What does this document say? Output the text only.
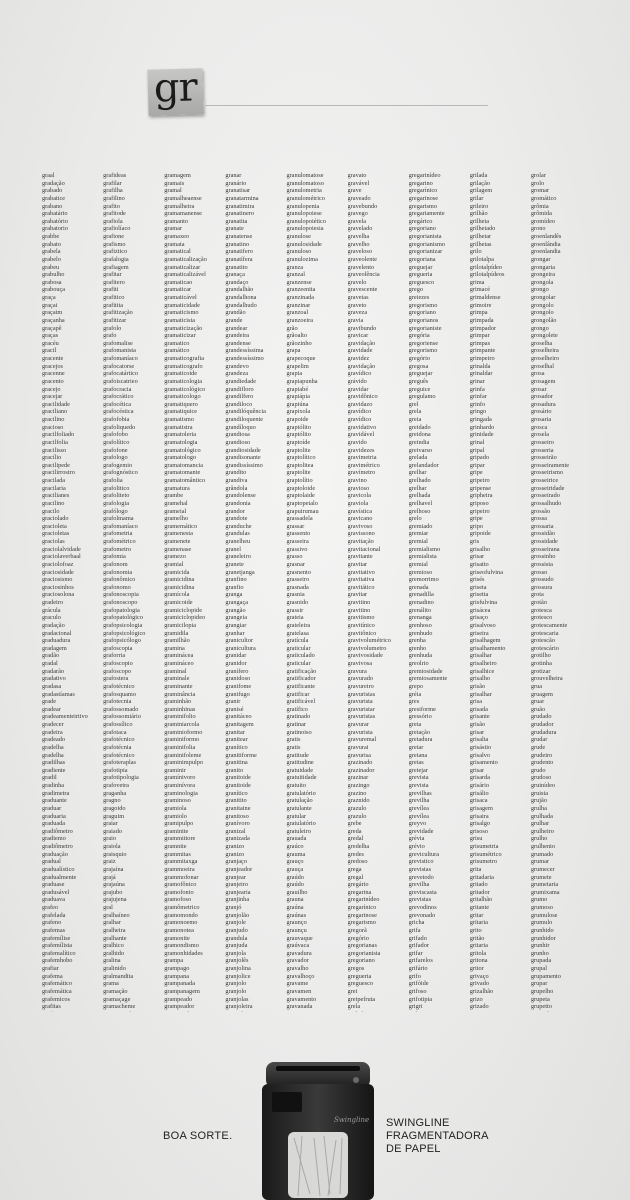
gr
graal
gradação
grabado
grabatice
grabano
grabatário
grabatório
grabatorio
grabbe
grabato
grabela
grabelo
grabeu
grabulho
grabosa
grabouça
graça
graçai
graçaim
graçanha
graçapê
graças
gracéu
gracil
gracente
gracejos
gracenne
gracento
gracejo
gracejar
gracilidade
graciliano
gracilino
gracioso
gracilfoliado
gracilfolia
gracilisso
gracílio
gracilipede
gracilirrostro
gracilada
gracilaria
gracilianes
gracilino
gracilo
graciolado
gracioleta
gracioletas
graciolas
graciolalvidade
graciolaverbaal
graciolofoaz
graciosidade
graciosismo
graciosinhos
graciosolona
gradeiro
grácula
graculo
gradação
gradacional
graduadura
gradagem
gradão
gradal
gradarão
gradativo
gradasa
gradastíamas
grade
gradear
gradeamenteirtivo
gradecer
gradeira
gradeado
gradelha
gradelha
gradilhas
gradiente
gradil
gradinha
gradimetra
graduante
graduar
graduaria
graduada
gradiômetro
gradiemo
gradiômetro
graduação
gradual
gradualístico
gradualmente
graduase
gradusável
graduava
grafeo
grafelada
grafeno
grafemas
grafemílise
grafemílista
grafemalítico
grafemhobo
grafiar
grafema
grafemático
grafemática
grafemicos
grafitas
grafideas
grafilar
grafilha
grafilino
grafito
grafitode
grafiola
grafiolíaco
grafione
grafismo
grafiztico
grafalogia
grafiagem
grafitar
grafitero
grafiti
grafitico
grafitita
grafitização
grafitizar
grafolo
grafo
grafomalise
grafomanista
grafomaníaco
grafocatorse
grafocatártico
grafoiscatrieo
grafocracia
grafocrático
grafocética
grafocéstica
grafofobia
grafoliquedo
grafofobo
grafolítico
grafofone
grafologo
grafogemio
grafognóstico
grafolia
grafolitico
grafoliteto
grafologia
grafólogo
grafolmama
grafomaníaco
grafometria
grafométrico
grafometro
grafomia
grafonom
grafonomia
grafonômico
grafonomo
grafonoscopia
grafonoscopo
grafopatologia
grafopatológico
grafopsicologia
grafopsicológico
grafopsicólogo
grafoscopia
graforria
grafoscopio
grafoscopo
grafostera
grafotécnico
grafosquamo
grafotecnia
grafossomado
grafossomiário
grafossílico
grafotaca
grafotécnico
grafotécnia
grafotécnico
grafoteraplas
grafotipia
grafotipologia
grafovetra
graganha
gragno
gragoido
graguim
graiar
graiado
graio
graiola
graisquio
graiz
grajaína
grajá
grajaúna
grajubo
grajujena
gral
gralhaíneo
gralhar
gralheira
gralhante
gralhico
gralhido
gralina
gralinido
gralmandita
grama
gramação
gramaçage
gramacheme
gramagem
gramais
gramal
gramalheaense
gramalheira
gramamanense
gramanto
gramar
gramaxeo
gramata
gramatical
gramaticalização
gramaticalizar
gramaticalizável
gramaticao
gramaticar
gramaticável
gramaticidade
gramaticismo
gramaticista
gramaticização
gramaticizar
gramatico
gramático
gramaticografia
gramaticografo
gramaticoide
gramaticologia
gramaticológico
gramaticologo
gramatiquero
gramatiquice
gramatismo
gramatistra
gramatoleria
gramatologia
gramatológico
gramatologo
gramatomancia
gramatomante
gramatomântico
gramatura
grambe
gramehal
grameial
gramelho
gramemático
gramenesta
gramenete
gramenase
gramezo
gramial
gramicida
gramicidina
gramicidina
gramícola
gramicoide
gramiciclopide
gramiciclopideo
gramicilopia
gramidila
gramilhão
gramina
graminácea
gramináceo
graminal
graminale
graminante
graminância
graminhão
graminhinas
graminifolio
graminiarcola
graminioformo
graminiformo
graminifolia
graminifoleme
graminimpulpo
graminir
gramínivoro
graminívora
graminologia
graminoso
gramiola
gramiolo
gramipulpo
graminite
grammittore
gramnite
grammitas
grammitaxga
grammoeira
grammofonar
gramofônico
gramofonio
gramofoso
gramômetrico
gramomondo
gramonoemo
gramonotea
gramonite
gramondismo
gramonhidades
grampa
grampago
grampana
grampanada
grampanagem
grampeado
grampeador
granar
granário
granatisar
granatarmina
granatimira
granatinero
granatita
granate
granatense
granatino
granatifero
granatífera
granatito
granaça
grandaço
grandalhão
grandalhona
grandalhudo
grandão
grande
grandear
grandeira
grandense
grandessíssima
grandessíssimo
grandevo
grandeza
grandiedade
grandifloro
grandilfero
grandiloco
grandilóquência
grandiloquente
grandíloquo
grandiosa
grandioso
grandiosidade
grandisonante
grandissíssimo
grandito
grandiva
grândola
grandolense
grandonia
grandor
grandote
granduche
grandulas
granelheu
granel
graneleiro
granete
granetjanga
granfino
granfio
granga
grangaça
grangão
grangeia
grangiar
granhar
granicultor
granicultura
granidar
granidor
granífero
granidoso
granifome
granifugo
granir
granisé
granitáceo
granitagem
granitar
granitear
granítico
granitiforme
granitina
granito
granitoide
granitoide
granítico
granitito
granitaine
granitoso
granívoro
granizal
granizada
granizo
granizo
granjaço
granjeador
granjear
granjeiro
granjearia
granjinha
granjó
granjolão
granjole
granjudo
grandula
granjuda
granjola
granjolês
granjolina
granjolice
granjolo
granjolo
granjolas
granjoleira
granulomatose
granulomatoso
granulometria
granulométrico
granulopenia
granulopoiese
granulopoiético
granulopoiesia
granulose
granulosidade
granuloso
granulozima
granza
granzal
granzense
granzeenita
granzinada
granzinar
granzoal
granzoeira
grão
grãoalto
grãozinho
grapa
grapecoque
grapelim
grapia
grapiapunha
grapiabé
grapiápia
grapiúna
grapixola
grapoide
graptólito
graptólito
graptoíde
graptolite
graptolítico
graptolitea
graptolite
graptolítio
graptoloide
graptolaide
graptopetalo
grapuirumau
grassadela
grassar
grassento
grasseira
grassivo
grasso
grasnar
grasnento
grasseiro
grasnada
grasnia
grasnido
grassir
grateia
grateleira
gratelasa
gratícula
graticular
graticulado
graticular
gratificação
gratificador
gratificante
gratificar
gratificável
gratífico
gratinado
gratinar
gratinoiso
gratis
gratis
gratitude
gratitudine
gratuidade
gratuitidade
gratuito
gratulatório
gratulação
gratulante
gratular
gratulatório
gratuleiro
grauada
graúco
grauma
grauço
grauça
graúdo
graúdo
grauilho
grauna
graúna
graúnas
graunço
graunçu
grauvaque
graúvaca
gravadura
gravador
gravalho
gravalhoço
gravame
gravamen
gravamento
gravanada
gravato
gravável
grave
graveado
gravebundo
gravego
gravela
gravelado
gravelha
gravelho
graveloso
graveolente
gravelento
graveolência
gravelo
gravescente
gravetas
graveto
graveza
gravia
gravibundo
gravicar
gravidação
gravidade
gravidez
gravidação
gravídico
grávido
gravidar
gravidônico
gravidazo
gravídico
gravídico
gravidativo
gravidável
gravido
gravidezes
gravimetria
gravimétrico
gravímetro
gravino
gravioso
gravicola
graviola
gravística
gravicano
gravivoso
gravissono
gravitação
gravitacional
gravitante
gravitar
gravitativo
gravitativa
gravitático
gravitar
gravitino
gravitino
gravitismo
gravitínico
gravitônico
gravivolumétrico
gravivolumetro
gravivosidade
gravivosa
gravura
gravurado
gravureiro
gravuristas
gravurista
gravuristar
gravuristas
gravurar
gravurista
gravuremal
gravurai
gravurisa
grazinado
grazinador
grazinar
grazingo
grazino
graznido
grazulo
grazulo
grebe
greda
gredal
gredelha
gredes
gredoso
grega
gregal
gregário
gregarina
gregarinídeo
gregarínico
gregarinose
gregarismo
gregorã
gregório
gregorianas
gregorianista
gregoriano
gregos
gregueria
greguesco
grei
greipefruta
grela
gregarinídeo
gregarino
gregarínico
gregarinose
gregarismo
gregariamente
gregárico
gregoriano
gregorianista
gregorianismo
gregorianizar
gregoriana
greguejar
gregueria
greguesco
grego
greiezes
gregorismo
gregoriano
gregorianos
gregorianiste
gregória
gregoriense
gregorismo
gregório
gregosa
greguejar
greguês
greguice
gregulamo
grel
grela
greia
greidado
greidona
greindia
greivarso
grelada
grelandador
grelhar
grelhado
grelhar
grelhada
grelhavel
grelhoso
grelo
gremiado
gremiar
gremial
gremialismo
gremialista
gremial
gremioso
gremorrimo
grenada
grenadilla
grenadino
grenálito
grenanga
grenhoso
grenhudo
grenha
grenho
grenhuda
greolrio
gremiosidade
gremiosamente
grepo
gréia
gres
gresiforme
gressório
greta
gretação
gretadura
gretar
gretana
gretas
gretejar
grevista
grevista
grevilhas
grevilha
grevílea
grevílea
greyvo
grevidade
grévia
grévio
grevicultura
grevistico
grevistas
grevetodo
grevilha
greviscasta
grevistas
grevodinos
grevonado
gricha
grifa
grifado
grifador
grifar
grifarelos
grifário
grifo
grifóide
grifoso
grifotipia
grigri
grilada
grilação
grilagem
grilar
grileiro
grilhão
grilheta
grilhetado
grilhetar
grilhetas
grilo
grilotalpa
grilotalpídeo
grilotalpídeos
grima
grimacé
grimaldense
grimoire
grimpa
grimpada
grimpador
grimpar
grimpas
grimpante
grimpeiro
grinalda
grinaldar
grinar
grinfa
grinfar
grinfo
gringo
gringada
grinhardo
grinidade
grinal
gripal
gripado
gripar
gripe
gripeiro
gripense
gripheira
griposo
gripeiro
gripe
gripo
gripoide
gris
grisalho
grisar
grisatto
griseofulvina
grisés
griseta
grisetta
grisfulvina
grisácea
grisaço
grisalvoso
griseira
grisalhagem
grisalhamento
grisalhar
grisalheiro
grisalhice
grisalho
grisão
grisalhar
grisa
grisada
grisante
grisão
grisar
grisalta
grisástio
grisalvo
grisamento
grisar
grisarda
grisário
grisálio
grisaca
grisagem
grisaira
grisalgo
grisoso
grisu
grisumetria
grisumétrico
grisumetro
grita
gritadaria
gritado
gritador
gritalhão
gritante
gritar
gritaria
grito
gritão
gritaria
gritola
gritona
gritor
grivaço
grivado
grizalhão
grizo
grizado
grolar
grolo
gromar
gromático
grômia
grômida
gromídeo
grono
groenlandês
groenlândia
groenlandia
grongar
grongaria
grongeira
grongola
grongo
grongolar
grongolo
grongolo
grongolão
grongo
grongolete
groselha
groselheira
groselheiro
groselhal
grosa
grosagem
grosar
grosador
grosadura
grosário
grosaria
grosca
grosela
grosseiro
grosseria
grosseirão
grosseiramente
grosseirismo
grosseirice
grosseiridade
grosseirado
grossalhudo
grossão
grossa
grossaria
grossidão
grossidade
grosseirana
grossinho
grossista
grosso
grossudo
grossura
grota
grotão
grotesca
grotesco
grotescamente
grotescaria
grotescão
grotescário
grotilho
grotinha
grotizar
grouvelheira
grua
gruagem
gruar
gruão
grudado
grudador
grudadura
grudar
grude
grudeiro
grudento
grudo
grudoso
gruinídeo
gruista
grujão
grulha
grulhada
grulhar
grulheiro
grulho
grulhento
grumado
grumar
grumecer
grumete
grumetaria
grumixama
grumo
grumoso
grumulose
grumulo
grunhido
grunhidor
grunhir
grunho
grupada
grupal
grupamento
grupar
grupelho
grupeta
grupetto
BOA SORTE.
SWINGLINE
FRAGMENTADORA
DE PAPEL
Swingline
